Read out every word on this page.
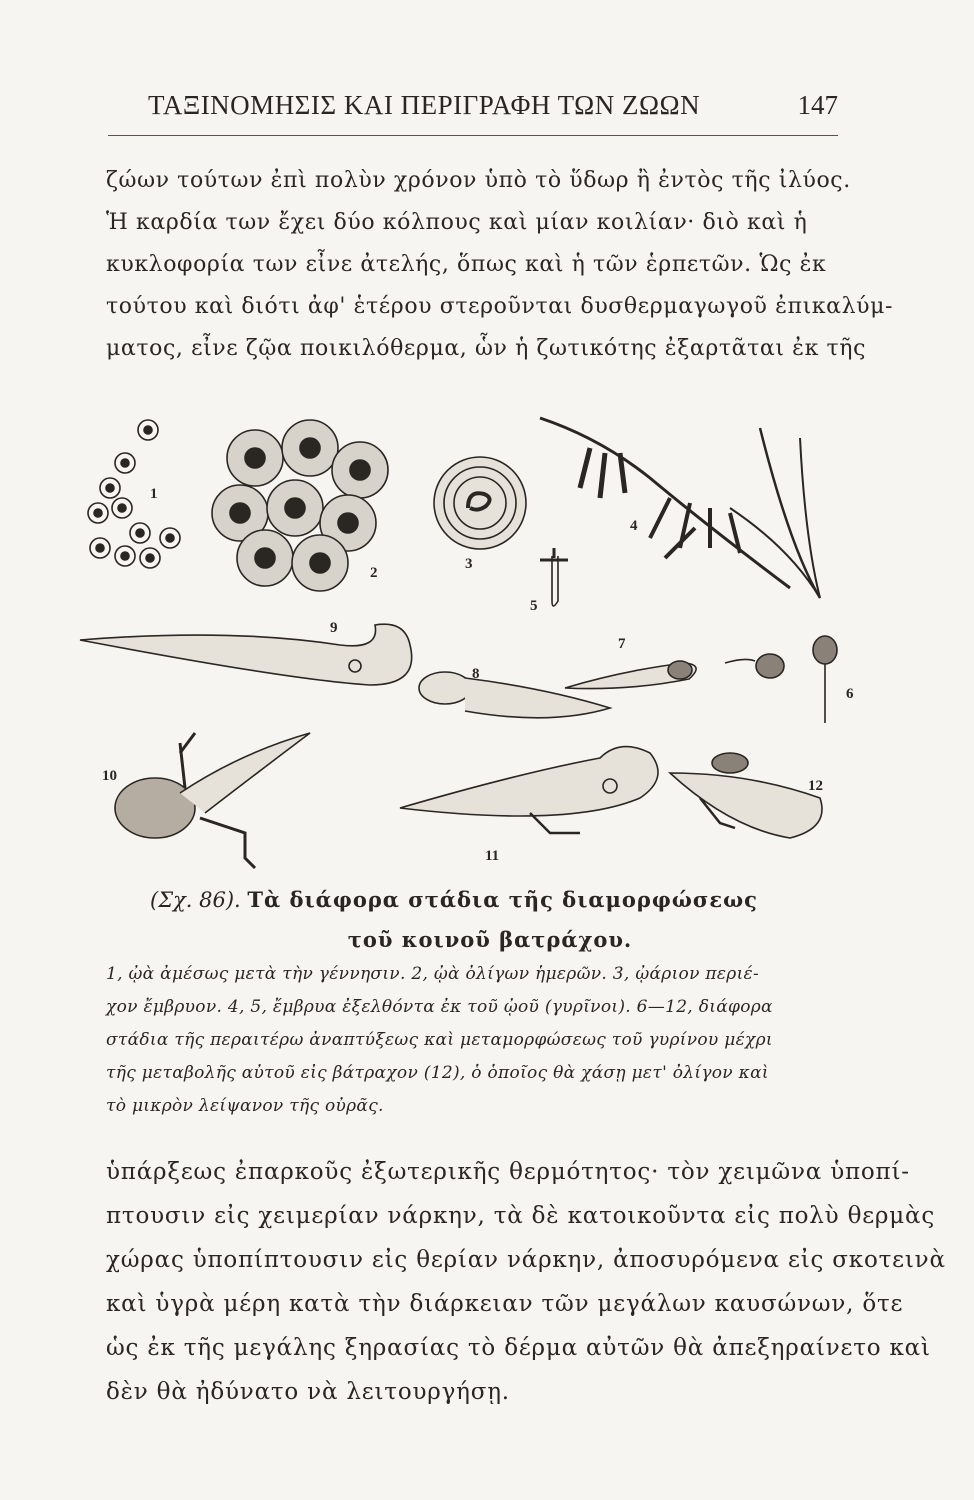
ΤΑΞΙΝΟΜΗΣΙΣ ΚΑΙ ΠΕΡΙΓΡΑΦΗ ΤΩΝ ΖΩΩΝ	147
ζώων τούτων ἐπὶ πολὺν χρόνον ὑπὸ τὸ ὕδωρ ἢ ἐντὸς τῆς ἰλύος.
Ἡ καρδία των ἔχει δύο κόλπους καὶ μίαν κοιλίαν· διὸ καὶ ἡ
κυκλοφορία των εἶνε ἀτελής, ὅπως καὶ ἡ τῶν ἑρπετῶν. Ὡς ἐκ
τούτου καὶ διότι ἀφ' ἑτέρου στεροῦνται δυσθερμαγωγοῦ ἐπικαλύμ-
ματος, εἶνε ζῷα ποικιλόθερμα, ὧν ἡ ζωτικότης ἐξαρτᾶται ἐκ τῆς
1
2
3
4
5
6
7
8
9
10
11
12
(Σχ. 86). Τὰ διάφορα στάδια τῆς διαμορφώσεως
τοῦ κοινοῦ βατράχου.
1, ᾠὰ ἀμέσως μετὰ τὴν γέννησιν. 2, ᾠὰ ὀλίγων ἡμερῶν. 3, ᾠάριον περιέ-
χον ἔμβρυον. 4, 5, ἔμβρυα ἐξελθόντα ἐκ τοῦ ᾠοῦ (γυρῖνοι). 6—12, διάφορα
στάδια τῆς περαιτέρω ἀναπτύξεως καὶ μεταμορφώσεως τοῦ γυρίνου μέχρι
τῆς μεταβολῆς αὐτοῦ εἰς βάτραχον (12), ὁ ὁποῖος θὰ χάσῃ μετ' ὀλίγον καὶ
τὸ μικρὸν λείψανον τῆς οὐρᾶς.
ὑπάρξεως ἐπαρκοῦς ἐξωτερικῆς θερμότητος· τὸν χειμῶνα ὑποπί-
πτουσιν εἰς χειμερίαν νάρκην, τὰ δὲ κατοικοῦντα εἰς πολὺ θερμὰς
χώρας ὑποπίπτουσιν εἰς θερίαν νάρκην, ἀποσυρόμενα εἰς σκοτεινὰ
καὶ ὑγρὰ μέρη κατὰ τὴν διάρκειαν τῶν μεγάλων καυσώνων, ὅτε
ὡς ἐκ τῆς μεγάλης ξηρασίας τὸ δέρμα αὐτῶν θὰ ἀπεξηραίνετο καὶ
δὲν θὰ ἠδύνατο νὰ λειτουργήσῃ.
